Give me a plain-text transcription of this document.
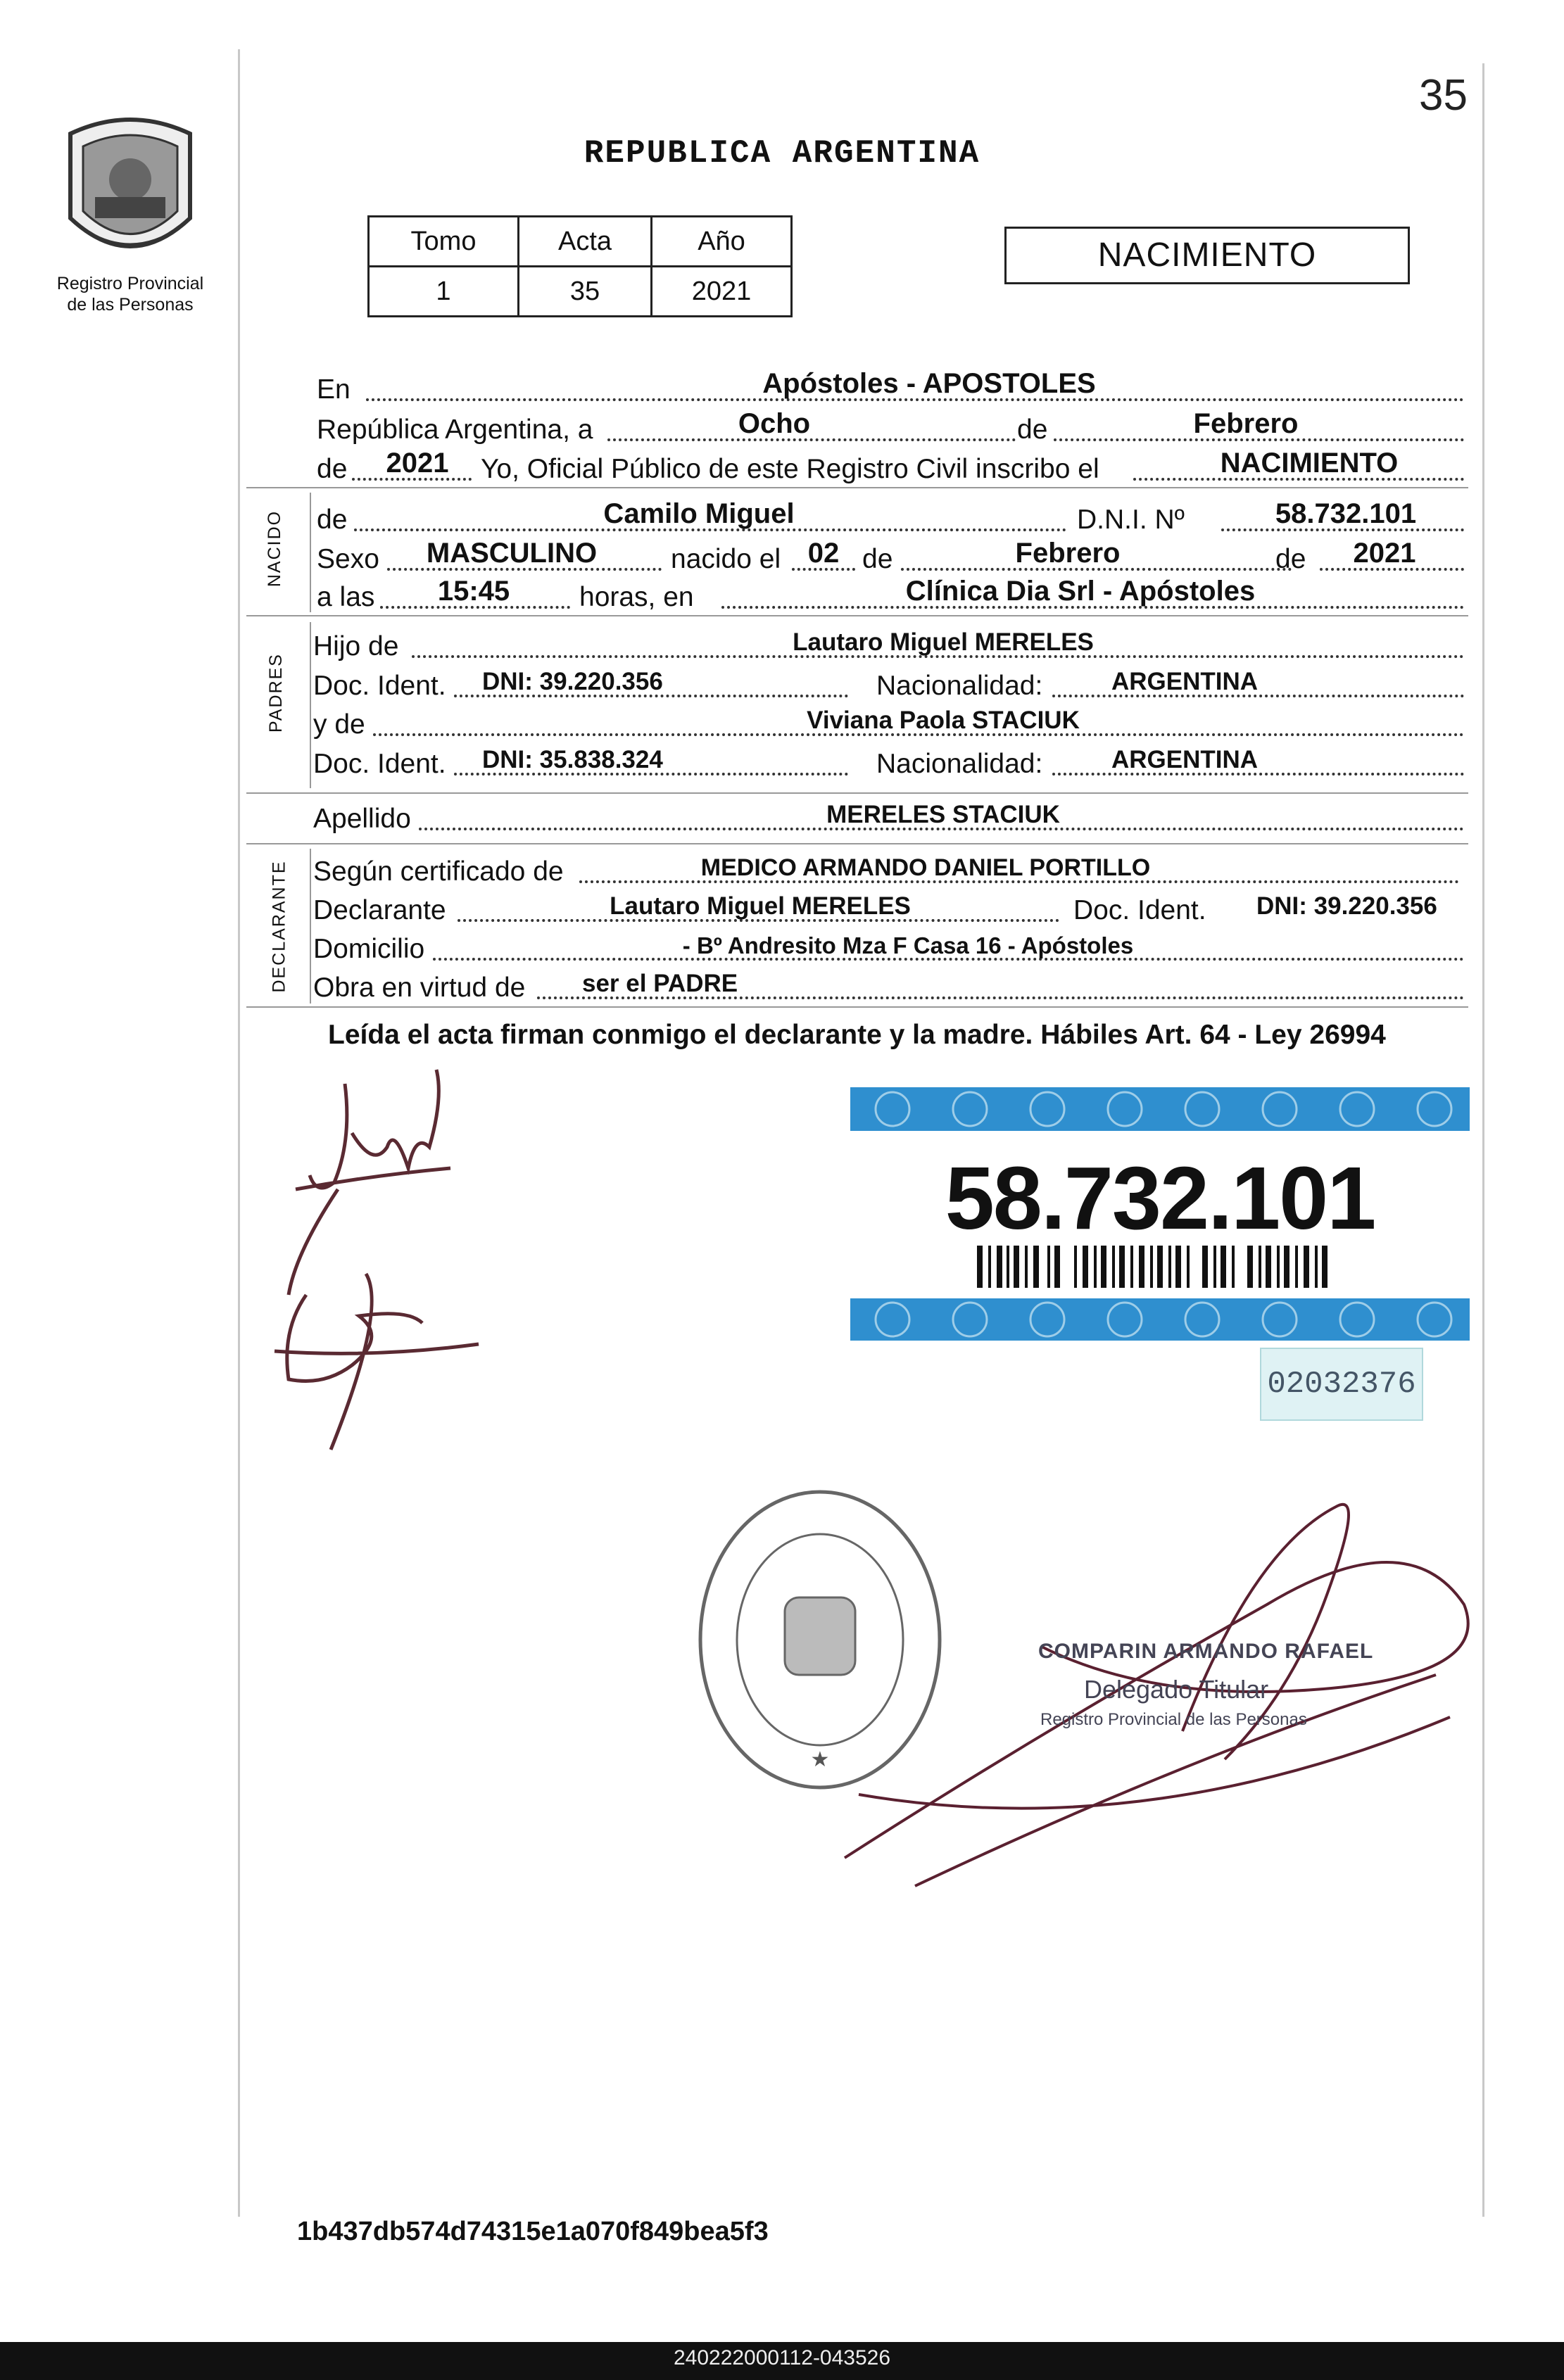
35
REPUBLICA ARGENTINA
Registro Provincial
de las Personas
Tomo	Acta	Año
1	35	2021
NACIMIENTO
NACIDO
PADRES
DECLARANTE
En	Apóstoles - APOSTOLES
República Argentina, a	Ocho	de	Febrero
de 2021 Yo, Oficial Público de este Registro Civil inscribo el	NACIMIENTO
de	Camilo Miguel	D.N.I. Nº	58.732.101
Sexo MASCULINO	nacido el 02 de	Febrero	de 2021
a las 15:45	horas, en	Clínica Dia Srl - Apóstoles
Hijo de	Lautaro Miguel MERELES
Doc. Ident. DNI: 39.220.356	Nacionalidad:	ARGENTINA
y de	Viviana Paola STACIUK
Doc. Ident. DNI: 35.838.324	Nacionalidad:	ARGENTINA
Apellido	MERELES STACIUK
Según certificado de	MEDICO ARMANDO DANIEL PORTILLO
Declarante	Lautaro Miguel MERELES	Doc. Ident. DNI: 39.220.356
Domicilio	- Bº Andresito Mza F Casa 16 - Apóstoles
Obra en virtud de ser el PADRE
Leída el acta firman conmigo el declarante y la madre. Hábiles Art. 64 - Ley 26994
58.732.101
02032376
★
COMPARIN ARMANDO RAFAEL
Delegado Titular
Registro Provincial de las Personas
1b437db574d74315e1a070f849bea5f3
240222000112-043526
